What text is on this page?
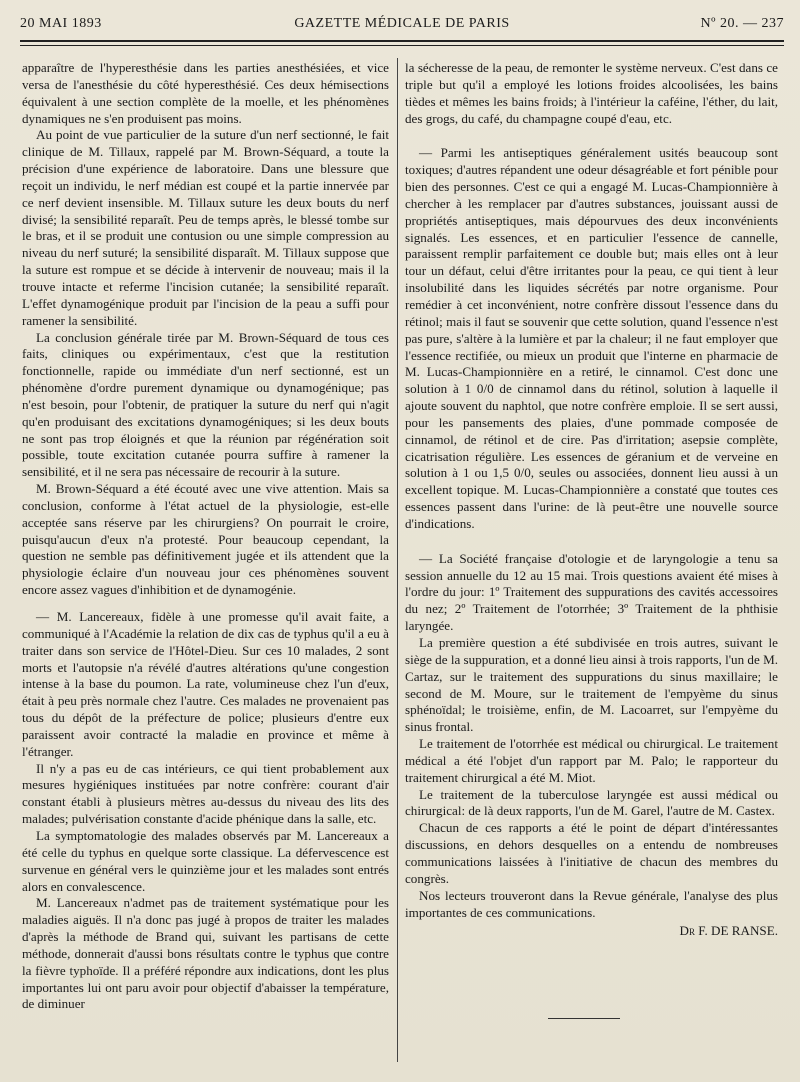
20 MAI 1893	GAZETTE MÉDICALE DE PARIS	Nº 20. — 237

apparaître de l'hyperesthésie dans les parties anesthésiées, et vice versa de l'anesthésie du côté hyperesthésié. Ces deux hémisections équivalent à une section complète de la moelle, et les phénomènes dynamiques ne s'en produisent pas moins.

Au point de vue particulier de la suture d'un nerf sectionné, le fait clinique de M. Tillaux, rappelé par M. Brown-Séquard, a toute la précision d'une expérience de laboratoire. Dans une blessure que reçoit un individu, le nerf médian est coupé et la partie innervée par ce nerf devient insensible. M. Tillaux suture les deux bouts du nerf divisé; la sensibilité reparaît. Peu de temps après, le blessé tombe sur le bras, et il se produit une contusion ou une simple compression au niveau du nerf suturé; la sensibilité disparaît. M. Tillaux suppose que la suture est rompue et se décide à intervenir de nouveau; mais il la trouve intacte et referme l'incision cutanée; la sensibilité reparaît. L'effet dynamogénique produit par l'incision de la peau a suffi pour ramener la sensibilité.

La conclusion générale tirée par M. Brown-Séquard de tous ces faits, cliniques ou expérimentaux, c'est que la restitution fonctionnelle, rapide ou immédiate d'un nerf sectionné, est un phénomène d'ordre purement dynamique ou dynamogénique; pas n'est besoin, pour l'obtenir, de pratiquer la suture du nerf qui n'agit qu'en produisant des excitations dynamogéniques; si les deux bouts ne sont pas trop éloignés et que la réunion par régénération soit possible, toute excitation cutanée pourra suffire à ramener la sensibilité, et il ne sera pas nécessaire de recourir à la suture.

M. Brown-Séquard a été écouté avec une vive attention. Mais sa conclusion, conforme à l'état actuel de la physiologie, est-elle acceptée sans réserve par les chirurgiens? On pourrait le croire, puisqu'aucun d'eux n'a protesté. Pour beaucoup cependant, la question ne semble pas définitivement jugée et ils attendent que la physiologie éclaire d'un nouveau jour ces phénomènes souvent encore assez vagues d'inhibition et de dynamogénie.

— M. Lancereaux, fidèle à une promesse qu'il avait faite, a communiqué à l'Académie la relation de dix cas de typhus qu'il a eu à traiter dans son service de l'Hôtel-Dieu. Sur ces 10 malades, 2 sont morts et l'autopsie n'a révélé d'autres altérations qu'une congestion intense à la base du poumon. La rate, volumineuse chez l'un d'eux, était à peu près normale chez l'autre. Ces malades ne provenaient pas tous du dépôt de la préfecture de police; plusieurs d'entre eux paraissent avoir contracté la maladie en province et même à l'étranger.

Il n'y a pas eu de cas intérieurs, ce qui tient probablement aux mesures hygiéniques instituées par notre confrère: courant d'air constant établi à plusieurs mètres au-dessus du niveau des lits des malades; pulvérisation constante d'acide phénique dans la salle, etc.

La symptomatologie des malades observés par M. Lancereaux a été celle du typhus en quelque sorte classique. La défervescence est survenue en général vers le quinzième jour et les malades sont entrés alors en convalescence.

M. Lancereaux n'admet pas de traitement systématique pour les maladies aiguës. Il n'a donc pas jugé à propos de traiter les malades d'après la méthode de Brand qui, suivant les partisans de cette méthode, donnerait d'aussi bons résultats contre le typhus que contre la fièvre typhoïde. Il a préféré répondre aux indications, dont les plus importantes lui ont paru avoir pour objectif d'abaisser la température, de diminuer

la sécheresse de la peau, de remonter le système nerveux. C'est dans ce triple but qu'il a employé les lotions froides alcoolisées, les bains tièdes et mêmes les bains froids; à l'intérieur la caféine, l'éther, du lait, des grogs, du café, du champagne coupé d'eau, etc.

— Parmi les antiseptiques généralement usités beaucoup sont toxiques; d'autres répandent une odeur désagréable et fort pénible pour bien des personnes. C'est ce qui a engagé M. Lucas-Championnière à chercher à les remplacer par d'autres substances, jouissant aussi de propriétés antiseptiques, mais dépourvues des deux inconvénients signalés. Les essences, et en particulier l'essence de cannelle, paraissent remplir parfaitement ce double but; mais elles ont à leur tour un défaut, celui d'être irritantes pour la peau, ce qui tient à leur insolubilité dans les liquides sécrétés par notre organisme. Pour remédier à cet inconvénient, notre confrère dissout l'essence dans du rétinol; mais il faut se souvenir que cette solution, quand l'essence n'est pas pure, s'altère à la lumière et par la chaleur; il ne faut employer que l'essence rectifiée, ou mieux un produit que l'interne en pharmacie de M. Lucas-Championnière en a retiré, le cinnamol. C'est donc une solution à 1 0/0 de cinnamol dans du rétinol, solution à laquelle il ajoute souvent du naphtol, que notre confrère emploie. Il se sert aussi, pour les pansements des plaies, d'une pommade composée de cinnamol, de rétinol et de cire. Pas d'irritation; asepsie complète, cicatrisation régulière. Les essences de géranium et de verveine en solution à 1 ou 1,5 0/0, seules ou associées, donnent lieu aussi à un excellent topique. M. Lucas-Championnière a constaté que toutes ces essences passent dans l'urine: de là peut-être une nouvelle source d'indications.

— La Société française d'otologie et de laryngologie a tenu sa session annuelle du 12 au 15 mai. Trois questions avaient été mises à l'ordre du jour: 1º Traitement des suppurations des cavités accessoires du nez; 2º Traitement de l'otorrhée; 3º Traitement de la phthisie laryngée.

La première question a été subdivisée en trois autres, suivant le siège de la suppuration, et a donné lieu ainsi à trois rapports, l'un de M. Cartaz, sur le traitement des suppurations du sinus maxillaire; le second de M. Moure, sur le traitement de l'empyème du sinus sphénoïdal; le troisième, enfin, de M. Lacoarret, sur l'empyème du sinus frontal.

Le traitement de l'otorrhée est médical ou chirurgical. Le traitement médical a été l'objet d'un rapport par M. Palo; le rapporteur du traitement chirurgical a été M. Miot.

Le traitement de la tuberculose laryngée est aussi médical ou chirurgical: de là deux rapports, l'un de M. Garel, l'autre de M. Castex.

Chacun de ces rapports a été le point de départ d'intéressantes discussions, en dehors desquelles on a entendu de nombreuses communications laissées à l'initiative de chacun des membres du congrès.

Nos lecteurs trouveront dans la Revue générale, l'analyse des plus importantes de ces communications.

Dr F. DE RANSE.
